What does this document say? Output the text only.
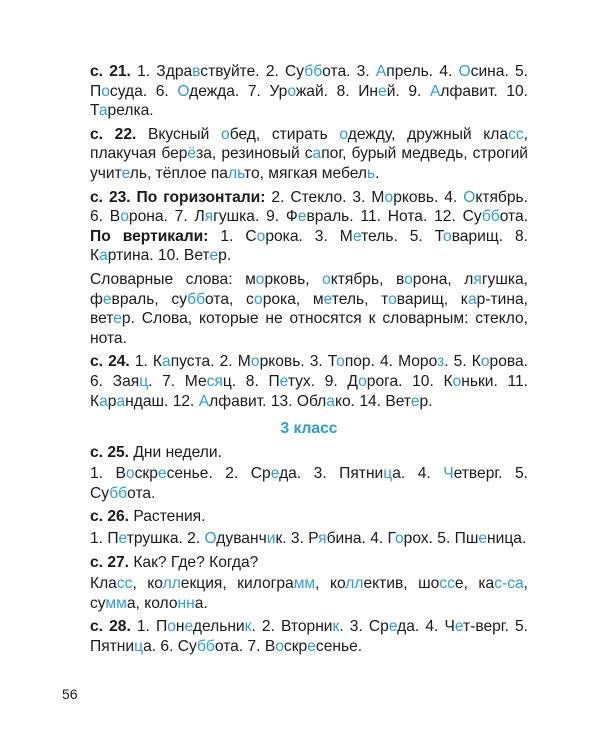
с. 21. 1. Здравствуйте. 2. Суббота. 3. Апрель. 4. Осина. 5. Посуда. 6. Одежда. 7. Урожай. 8. Иней. 9. Алфавит. 10. Тарелка.

с. 22. Вкусный обед, стирать одежду, дружный класс, плакучая берёза, резиновый сапог, бурый медведь, строгий учитель, тёплое пальто, мягкая мебель.

с. 23. По горизонтали: 2. Стекло. 3. Морковь. 4. Октябрь. 6. Ворона. 7. Лягушка. 9. Февраль. 11. Нота. 12. Суббота. По вертикали: 1. Сорока. 3. Метель. 5. Товарищ. 8. Картина. 10. Ветер.

Словарные слова: морковь, октябрь, ворона, лягушка, февраль, суббота, сорока, метель, товарищ, кар-тина, ветер. Слова, которые не относятся к словарным: стекло, нота.

с. 24. 1. Капуста. 2. Морковь. 3. Топор. 4. Мороз. 5. Корова. 6. Заяц. 7. Месяц. 8. Петух. 9. Дорога. 10. Коньки. 11. Карандаш. 12. Алфавит. 13. Облако. 14. Ветер.

3 класс

с. 25. Дни недели.

1. Воскресенье. 2. Среда. 3. Пятница. 4. Четверг. 5. Суббота.

с. 26. Растения.

1. Петрушка. 2. Одуванчик. 3. Рябина. 4. Горох. 5. Пшеница.

с. 27. Как? Где? Когда?

Класс, коллекция, килограмм, коллектив, шоссе, кас-са, сумма, колонна.

с. 28. 1. Понедельник. 2. Вторник. 3. Среда. 4. Чет-верг. 5. Пятница. 6. Суббота. 7. Воскресенье.

56
